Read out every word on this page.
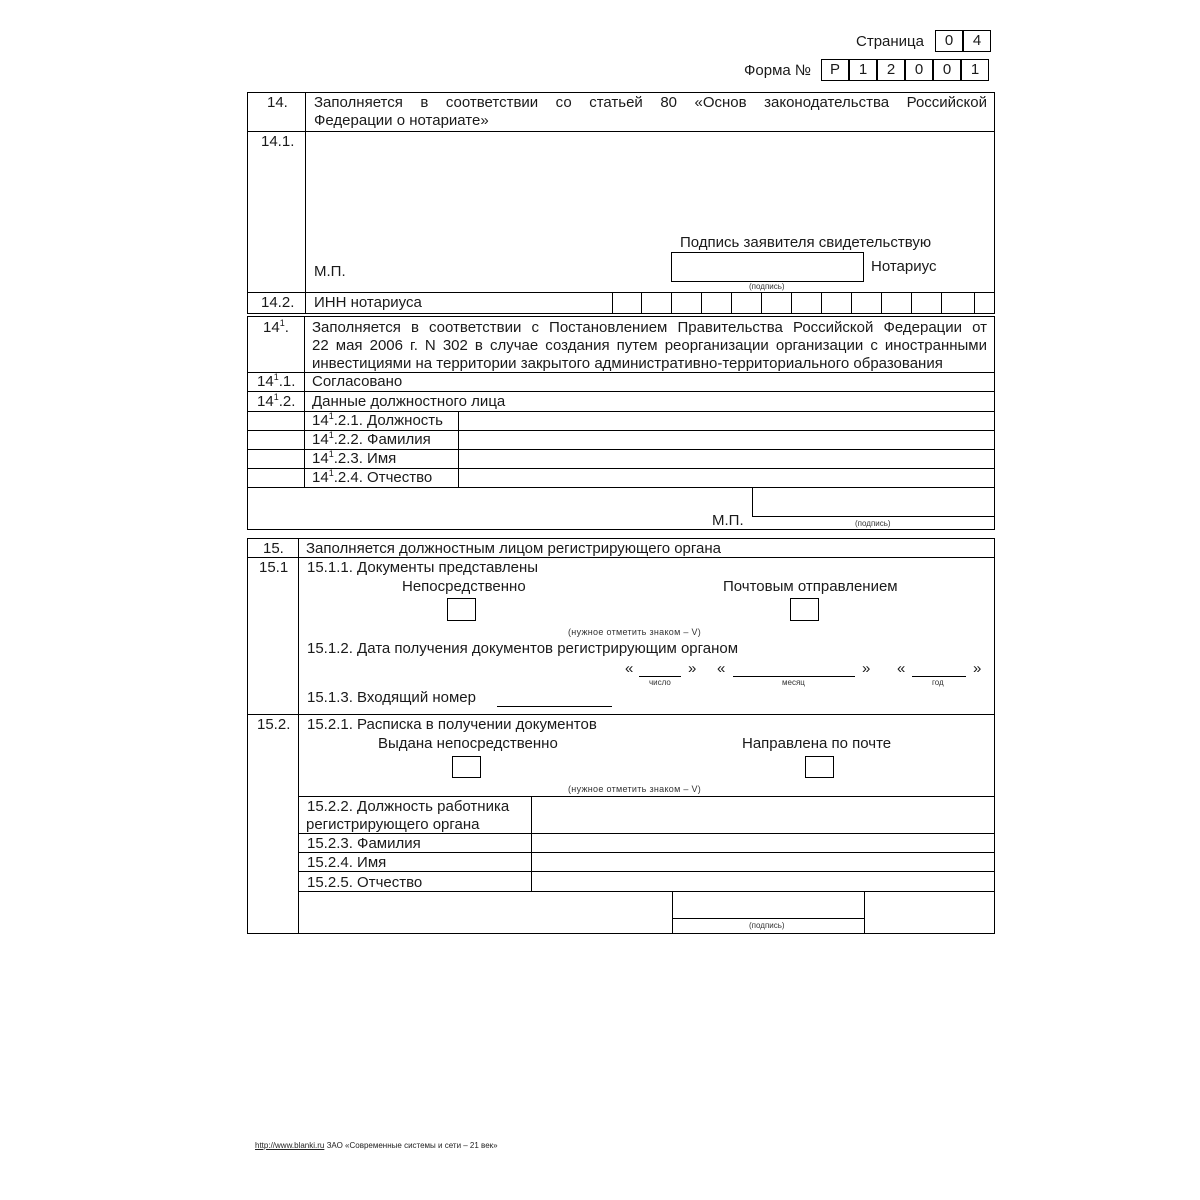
Страница	0	4
Форма №	Р	1	2	0	0	1
14. Заполняется в соответствии со статьей 80 «Основ законодательства Российской
Федерации о нотариате»
14.1.
Подпись заявителя свидетельствую
Нотариус
М.П.
(подпись)
14.2. ИНН нотариуса
$14^1$. Заполняется в соответствии с Постановлением Правительства Российской Федерации от
22 мая 2006 г. N 302 в случае создания путем реорганизации организации с иностранными
инвестициями на территории закрытого административно-территориального образования
$14^1.1$. Согласовано
$14^1.2$. Данные должностного лица
$14^1.2.1$. Должность
$14^1.2.2$. Фамилия
$14^1.2.3$. Имя
$14^1.2.4$. Отчество
М.П.	(подпись)
15. Заполняется должностным лицом регистрирующего органа
15.1 15.1.1. Документы представлены
Непосредственно	Почтовым отправлением
(нужное отметить знаком – V)
15.1.2. Дата получения документов регистрирующим органом
«	»
число
«	»
месяц
«	»
год
15.1.3. Входящий номер
15.2. 15.2.1. Расписка в получении документов
Выдана непосредственно	Направлена по почте
(нужное отметить знаком – V)
15.2.2. Должность работника
регистрирующего органа
15.2.3. Фамилия
15.2.4. Имя
15.2.5. Отчество
(подпись)
http://www.blanki.ru ЗАО «Современные системы и сети – 21 век»
